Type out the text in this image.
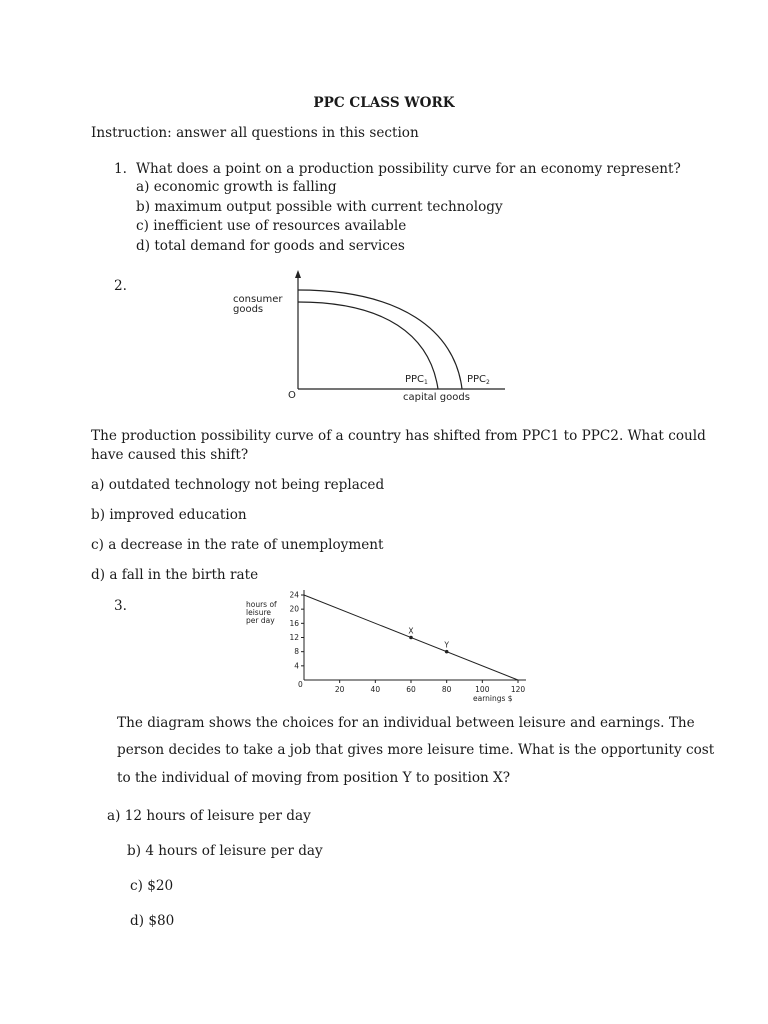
PPC CLASS WORK
Instruction: answer all questions in this section
1. What does a point on a production possibility curve for an economy represent?
a) economic growth is falling
b) maximum output possible with current technology
c) inefficient use of resources available
d) total demand for goods and services
2.
consumer
goods
O	capital goods
$PPC_1$	$PPC_2$
The production possibility curve of a country has shifted from PPC1 to PPC2. What could
have caused this shift?
a) outdated technology not being replaced
b) improved education
c) a decrease in the rate of unemployment
d) a fall in the birth rate
3.	hours of
leisure
per day
4
8
12
16
20
24
20	40	60	80	100	120
X
Y
0
earnings $
The diagram shows the choices for an individual between leisure and earnings. The
person decides to take a job that gives more leisure time. What is the opportunity cost
to the individual of moving from position Y to position X?
a) 12 hours of leisure per day
b) 4 hours of leisure per day
c) $20
d) $80
